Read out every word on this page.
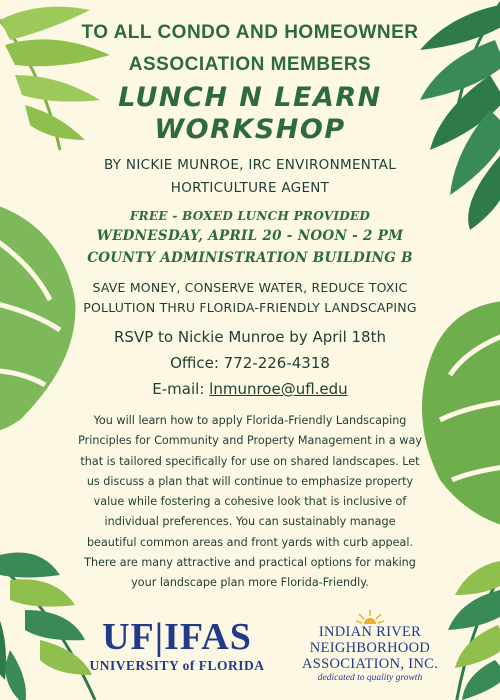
TO ALL CONDO AND HOMEOWNER
ASSOCIATION MEMBERS
LUNCH N LEARN
WORKSHOP
BY NICKIE MUNROE, IRC ENVIRONMENTAL
HORTICULTURE AGENT
FREE - BOXED LUNCH PROVIDED
WEDNESDAY, APRIL 20 - NOON - 2 PM
COUNTY ADMINISTRATION BUILDING B
SAVE MONEY, CONSERVE WATER, REDUCE TOXIC
POLLUTION THRU FLORIDA-FRIENDLY LANDSCAPING
RSVP to Nickie Munroe by April 18th
Office: 772-226-4318
E-mail: lnmunroe@ufl.edu
You will learn how to apply Florida-Friendly Landscaping
Principles for Community and Property Management in a way
that is tailored specifically for use on shared landscapes. Let
us discuss a plan that will continue to emphasize property
value while fostering a cohesive look that is inclusive of
individual preferences. You can sustainably manage
beautiful common areas and front yards with curb appeal.
There are many attractive and practical options for making
your landscape plan more Florida-Friendly.
UF|IFAS
UNIVERSITY of FLORIDA
INDIAN RIVER
NEIGHBORHOOD
ASSOCIATION, INC.
dedicated to quality growth
